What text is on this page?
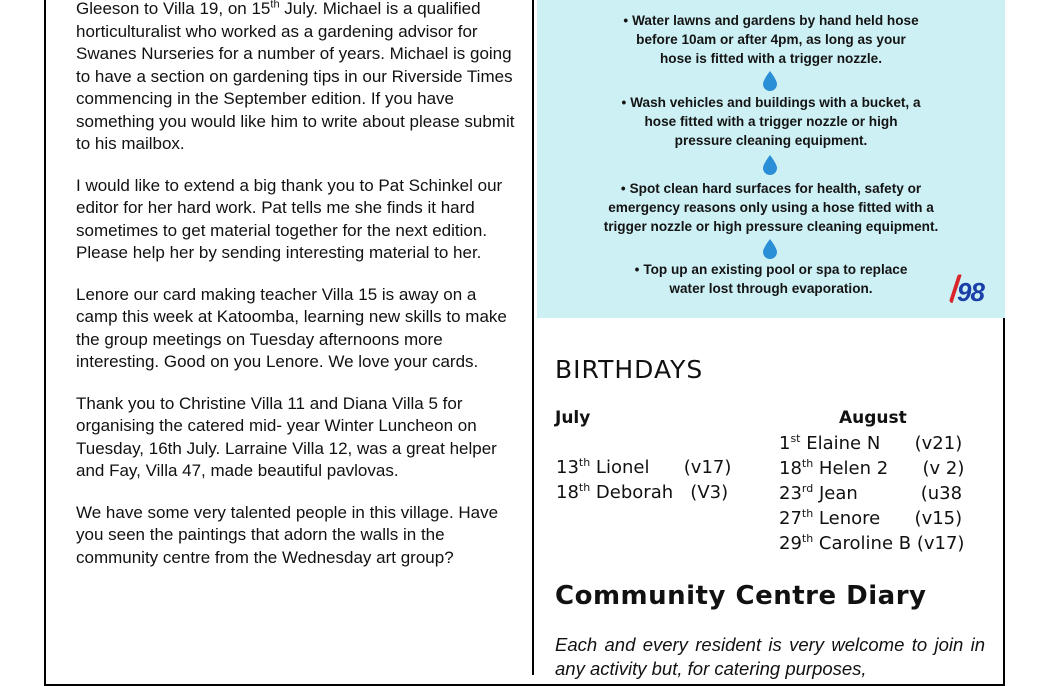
Gleeson to Villa 19, on 15th July. Michael is a qualified horticulturalist who worked as a gardening advisor for Swanes Nurseries for a number of years. Michael is going to have a section on gardening tips in our Riverside Times commencing in the September edition. If you have something you would like him to write about please submit to his mailbox.

I would like to extend a big thank you to Pat Schinkel our editor for her hard work. Pat tells me she finds it hard sometimes to get material together for the next edition. Please help her by sending interesting material to her.

Lenore our card making teacher Villa 15 is away on a camp this week at Katoomba, learning new skills to make the group meetings on Tuesday afternoons more interesting. Good on you Lenore. We love your cards.

Thank you to Christine Villa 11 and Diana Villa 5 for organising the catered mid- year Winter Luncheon on Tuesday, 16th July. Larraine Villa 12, was a great helper and Fay, Villa 47, made beautiful pavlovas.

We have some very talented people in this village. Have you seen the paintings that adorn the walls in the community centre from the Wednesday art group?

• Water lawns and gardens by hand held hose
before 10am or after 4pm, as long as your
hose is fitted with a trigger nozzle.
• Wash vehicles and buildings with a bucket, a
hose fitted with a trigger nozzle or high
pressure cleaning equipment.
• Spot clean hard surfaces for health, safety or
emergency reasons only using a hose fitted with a
trigger nozzle or high pressure cleaning equipment.
• Top up an existing pool or spa to replace
water lost through evaporation.	98
BIRTHDAYS
July	August
13th Lionel      (v17)
18th Deborah   (V3)
1st Elaine N      (v21)
18th Helen 2      (v 2)
23rd Jean           (u38
27th Lenore      (v15)
29th Caroline B (v17)
Community Centre Diary
Each and every resident is very welcome to join in any activity but, for catering purposes,
